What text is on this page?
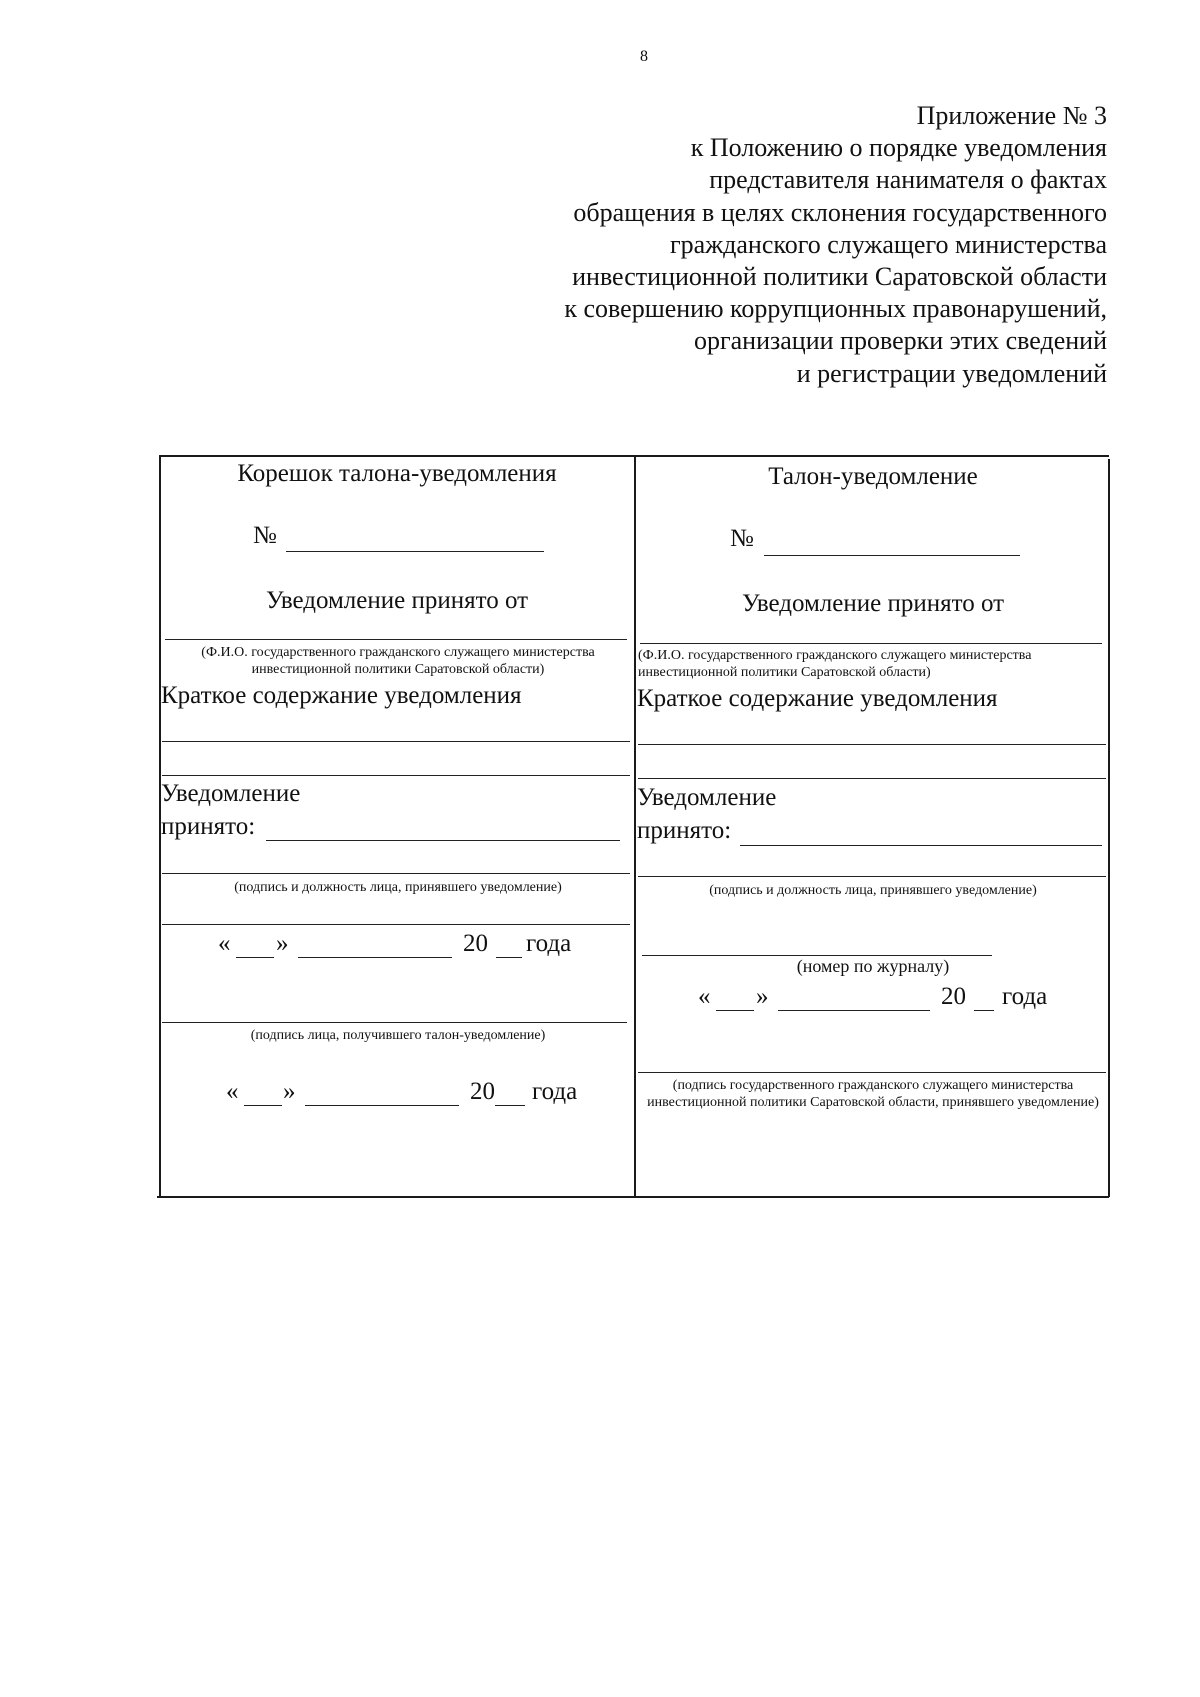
8
Приложение № 3
к Положению о порядке уведомления
представителя нанимателя о фактах
обращения в целях склонения государственного
гражданского служащего министерства
инвестиционной политики Саратовской области
к совершению коррупционных правонарушений,
организации проверки этих сведений
и регистрации уведомлений
Корешок талона-уведомления
№
Уведомление принято от
(Ф.И.О. государственного гражданского служащего министерства инвестиционной политики Саратовской области)
Краткое содержание уведомления
Уведомление
принято:
(подпись и должность лица, принявшего уведомление)
« »	20 года
(подпись лица, получившего талон-уведомление)
« »	20 года
Талон-уведомление
№
Уведомление принято от
(Ф.И.О. государственного гражданского служащего министерства
инвестиционной политики Саратовской области)
Краткое содержание уведомления
Уведомление
принято:
(подпись и должность лица, принявшего уведомление)
(номер по журналу)
« »	20 года
(подпись государственного гражданского служащего министерства инвестиционной политики Саратовской области, принявшего уведомление)
